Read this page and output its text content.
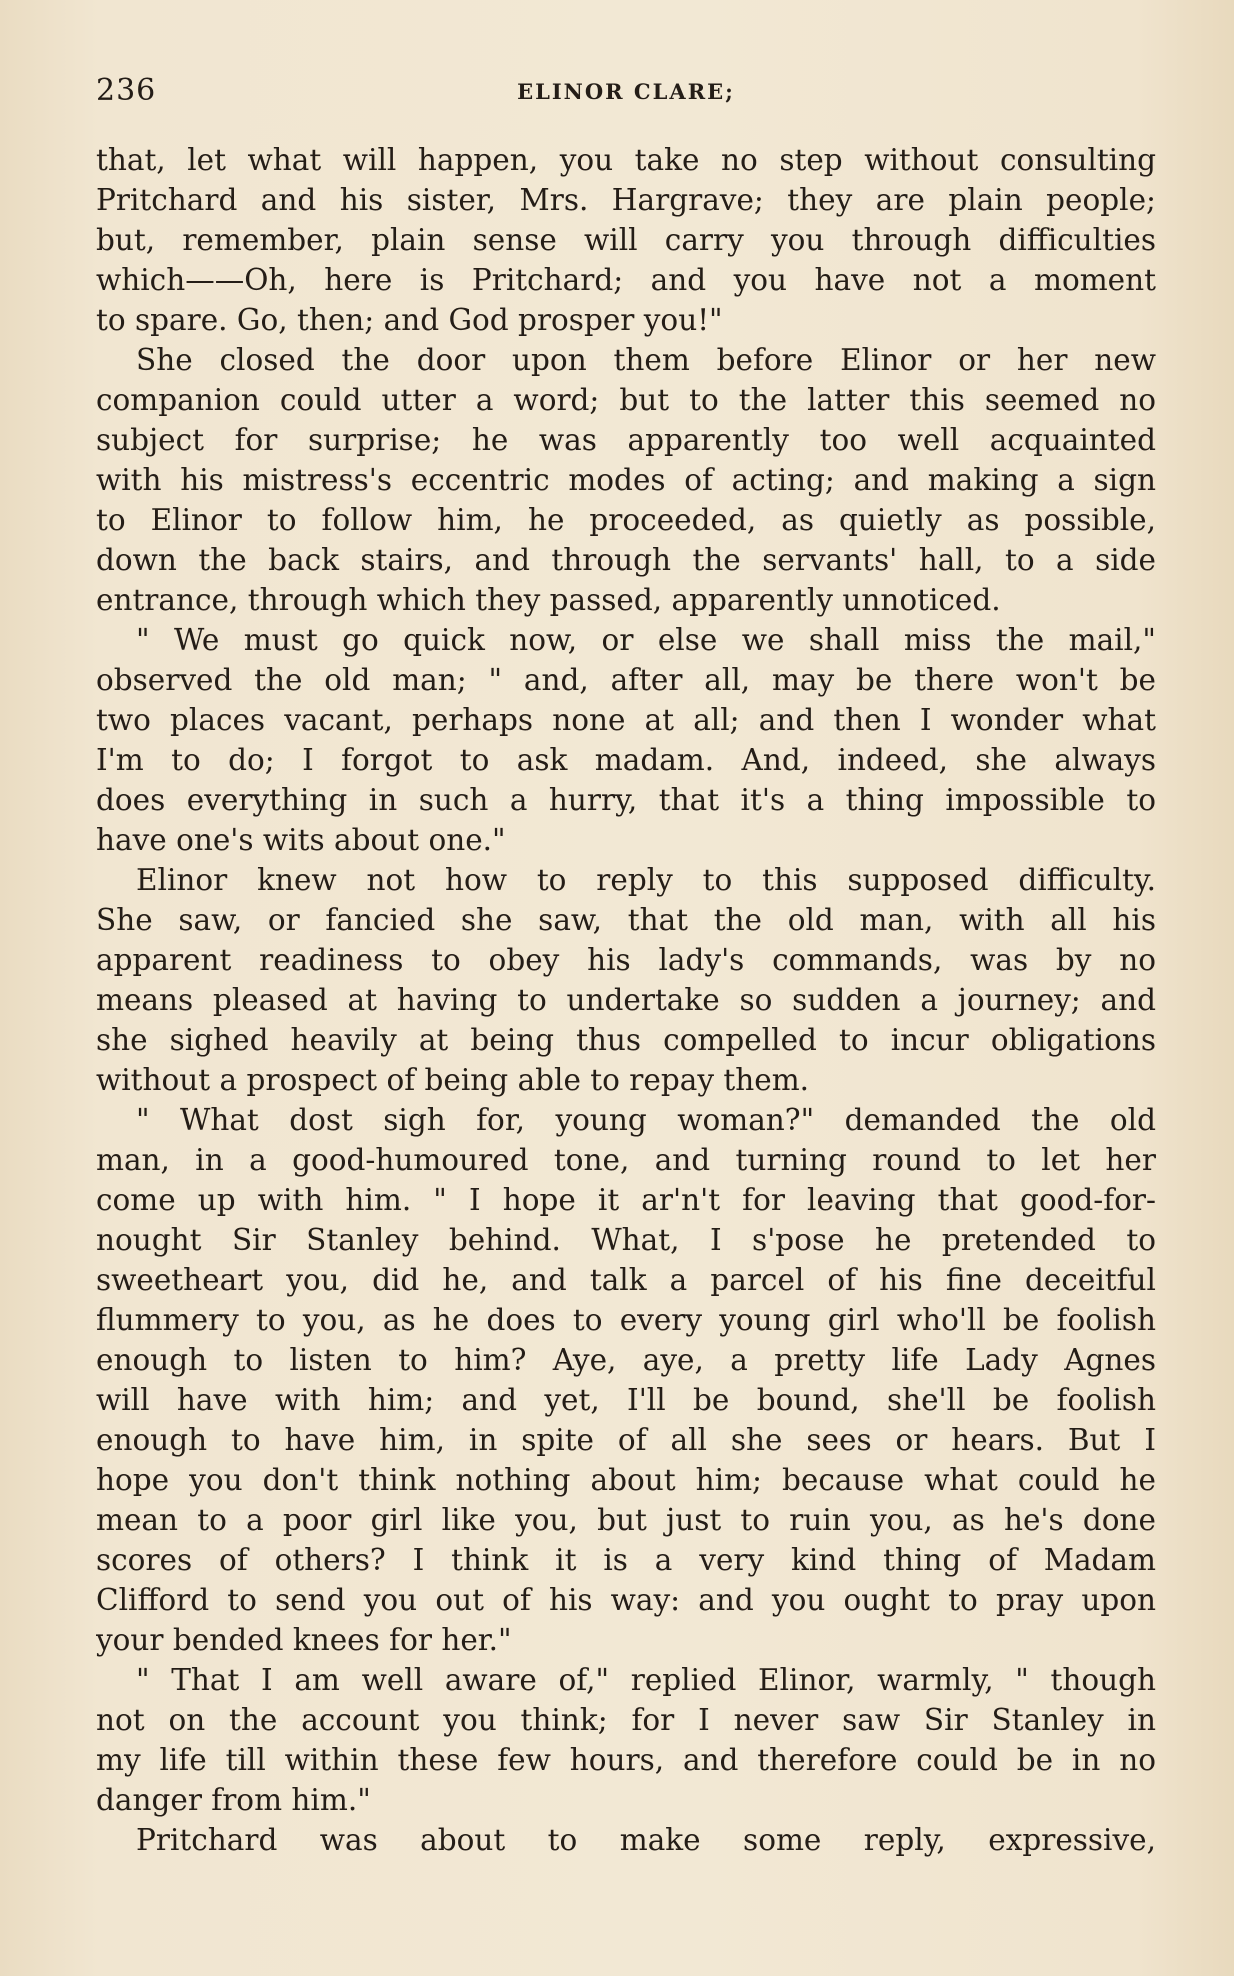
236	ELINOR CLARE;
that, let what will happen, you take no step without consulting
Pritchard and his sister, Mrs. Hargrave; they are plain people;
but, remember, plain sense will carry you through difficulties
which——Oh, here is Pritchard; and you have not a moment
to spare. Go, then; and God prosper you!"
She closed the door upon them before Elinor or her new
companion could utter a word; but to the latter this seemed no
subject for surprise; he was apparently too well acquainted
with his mistress's eccentric modes of acting; and making a sign
to Elinor to follow him, he proceeded, as quietly as possible,
down the back stairs, and through the servants' hall, to a side
entrance, through which they passed, apparently unnoticed.
" We must go quick now, or else we shall miss the mail,"
observed the old man; " and, after all, may be there won't be
two places vacant, perhaps none at all; and then I wonder what
I'm to do; I forgot to ask madam. And, indeed, she always
does everything in such a hurry, that it's a thing impossible to
have one's wits about one."
Elinor knew not how to reply to this supposed difficulty.
She saw, or fancied she saw, that the old man, with all his
apparent readiness to obey his lady's commands, was by no
means pleased at having to undertake so sudden a journey; and
she sighed heavily at being thus compelled to incur obligations
without a prospect of being able to repay them.
" What dost sigh for, young woman?" demanded the old
man, in a good-humoured tone, and turning round to let her
come up with him. " I hope it ar'n't for leaving that good-for-
nought Sir Stanley behind. What, I s'pose he pretended to
sweetheart you, did he, and talk a parcel of his fine deceitful
flummery to you, as he does to every young girl who'll be foolish
enough to listen to him? Aye, aye, a pretty life Lady Agnes
will have with him; and yet, I'll be bound, she'll be foolish
enough to have him, in spite of all she sees or hears. But I
hope you don't think nothing about him; because what could he
mean to a poor girl like you, but just to ruin you, as he's done
scores of others? I think it is a very kind thing of Madam
Clifford to send you out of his way: and you ought to pray upon
your bended knees for her."
" That I am well aware of," replied Elinor, warmly, " though
not on the account you think; for I never saw Sir Stanley in
my life till within these few hours, and therefore could be in no
danger from him."
Pritchard was about to make some reply, expressive,
